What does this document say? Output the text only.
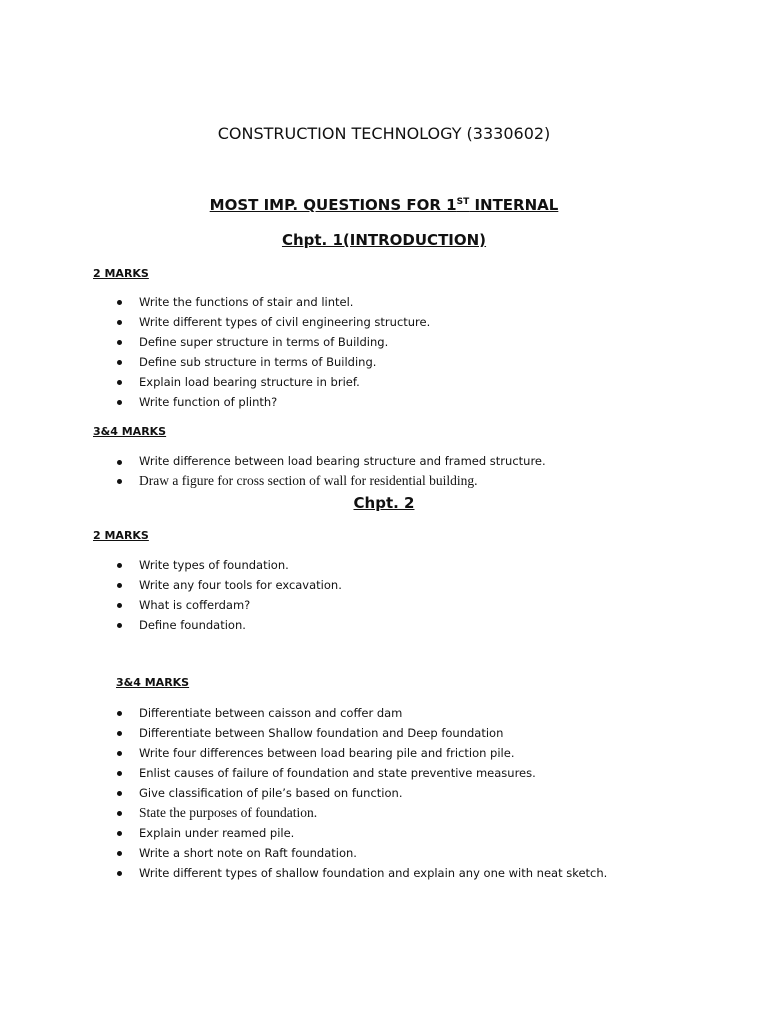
CONSTRUCTION TECHNOLOGY (3330602)
MOST IMP. QUESTIONS FOR 1ST INTERNAL
Chpt. 1(INTRODUCTION)
2 MARKS
Write the functions of stair and lintel.
Write different types of civil engineering structure.
Define super structure in terms of Building.
Define sub structure in terms of Building.
Explain load bearing structure in brief.
Write function of plinth?
3&4 MARKS
Write difference between load bearing structure and framed structure.
Draw a figure for cross section of wall for residential building.
Chpt. 2
2 MARKS
Write types of foundation.
Write any four tools for excavation.
What is cofferdam?
Define foundation.
3&4 MARKS
Differentiate between caisson and coffer dam
Differentiate between Shallow foundation and Deep foundation
Write four differences between load bearing pile and friction pile.
Enlist causes of failure of foundation and state preventive measures.
Give classification of pile’s based on function.
State the purposes of foundation.
Explain under reamed pile.
Write a short note on Raft foundation.
Write different types of shallow foundation and explain any one with neat sketch.
